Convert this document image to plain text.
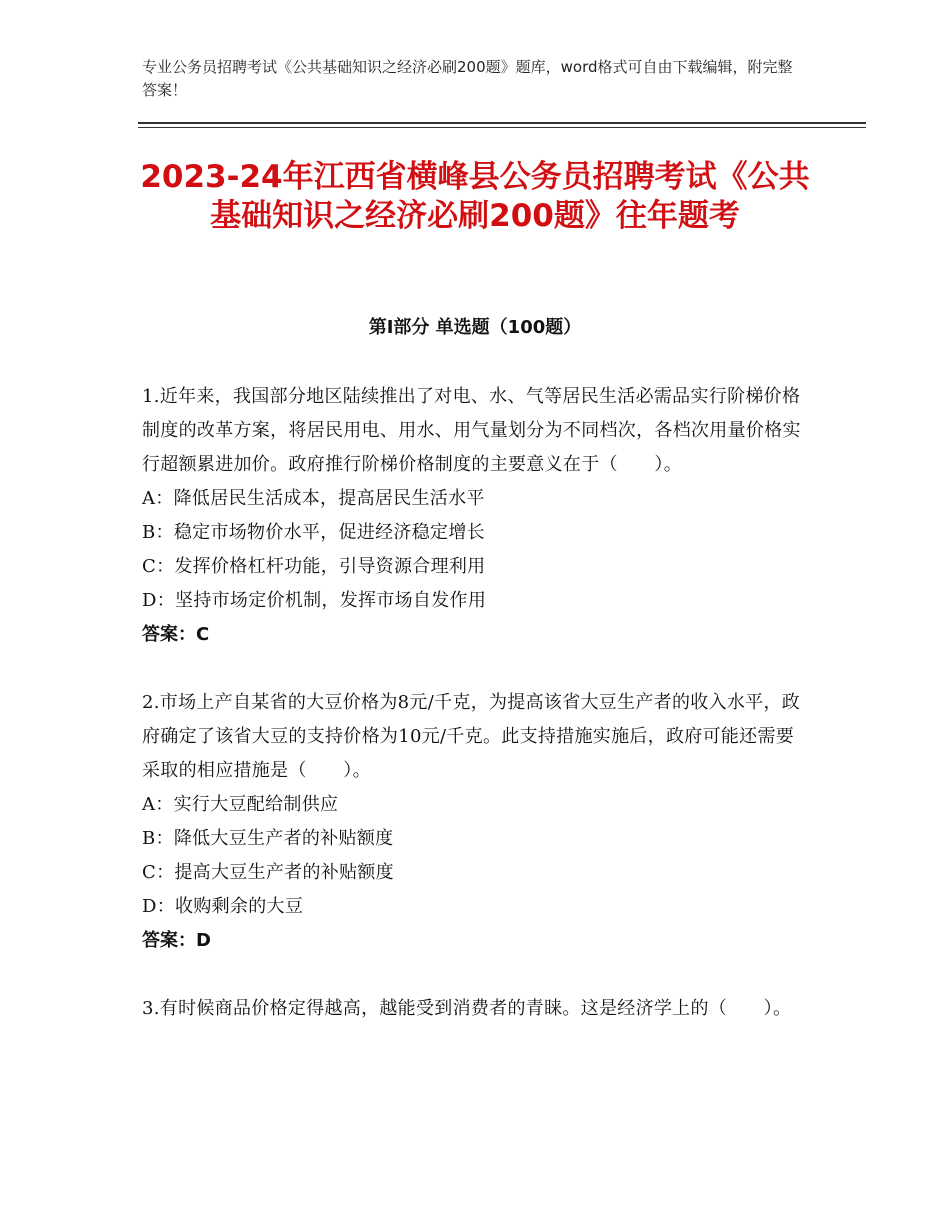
专业公务员招聘考试《公共基础知识之经济必刷200题》题库，word格式可自由下载编辑，附完整答案！
2023-24年江西省横峰县公务员招聘考试《公共基础知识之经济必刷200题》往年题考
第Ⅰ部分 单选题（100题）
1.近年来，我国部分地区陆续推出了对电、水、气等居民生活必需品实行阶梯价格制度的改革方案，将居民用电、用水、用气量划分为不同档次，各档次用量价格实行超额累进加价。政府推行阶梯价格制度的主要意义在于（　　）。
A：降低居民生活成本，提高居民生活水平
B：稳定市场物价水平，促进经济稳定增长
C：发挥价格杠杆功能，引导资源合理利用
D：坚持市场定价机制，发挥市场自发作用
答案：C
2.市场上产自某省的大豆价格为8元/千克，为提高该省大豆生产者的收入水平，政府确定了该省大豆的支持价格为10元/千克。此支持措施实施后，政府可能还需要采取的相应措施是（　　）。
A：实行大豆配给制供应
B：降低大豆生产者的补贴额度
C：提高大豆生产者的补贴额度
D：收购剩余的大豆
答案：D
3.有时候商品价格定得越高，越能受到消费者的青睐。这是经济学上的（　　）。
